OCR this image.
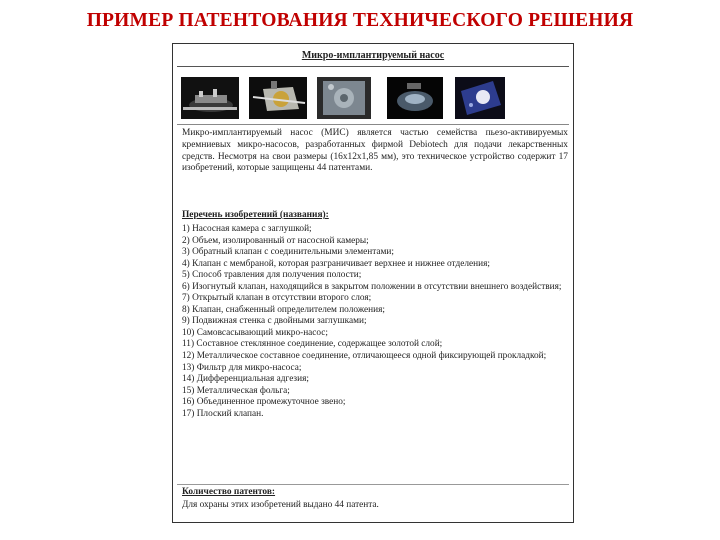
ПРИМЕР ПАТЕНТОВАНИЯ ТЕХНИЧЕСКОГО РЕШЕНИЯ
Микро-имплантируемый насос
Микро-имплантируемый насос (МИС) является частью семейства пьезо-активируемых кремниевых микро-насосов, разработанных фирмой Debiotech для подачи лекарственных средств. Несмотря на свои размеры (16х12х1,85 мм), это техническое устройство содержит 17 изобретений, которые защищены 44 патентами.
Перечень изобретений (названия):
1) Насосная камера с заглушкой;
2) Объем, изолированный от насосной камеры;
3) Обратный клапан с соединительными элементами;
4) Клапан с мембраной, которая разграничивает верхнее и нижнее отделения;
5) Способ травления для получения полости;
6) Изогнутый клапан, находящийся в закрытом положении в отсутствии внешнего воздействия;
7) Открытый клапан в отсутствии второго слоя;
8) Клапан, снабженный определителем положения;
9) Подвижная стенка с двойными заглушками;
10) Самовсасывающий микро-насос;
11) Составное стеклянное соединение, содержащее золотой слой;
12) Металлическое составное соединение, отличающееся одной фиксирующей прокладкой;
13) Фильтр для микро-насоса;
14) Дифференциальная адгезия;
15) Металлическая фольга;
16) Объединенное промежуточное звено;
17) Плоский клапан.
Количество патентов:
Для охраны этих изобретений выдано 44 патента.
